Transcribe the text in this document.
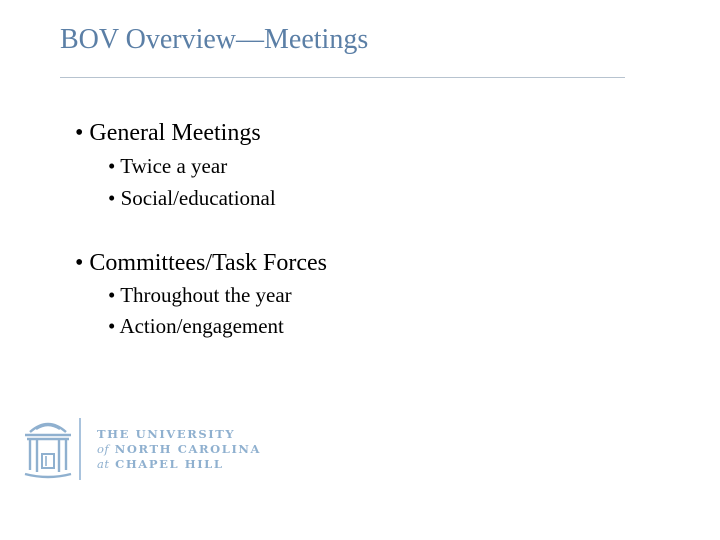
BOV Overview—Meetings
• General Meetings
• Twice a year
• Social/educational
• Committees/Task Forces
• Throughout the year
• Action/engagement
THE UNIVERSITY
of NORTH CAROLINA
at CHAPEL HILL
